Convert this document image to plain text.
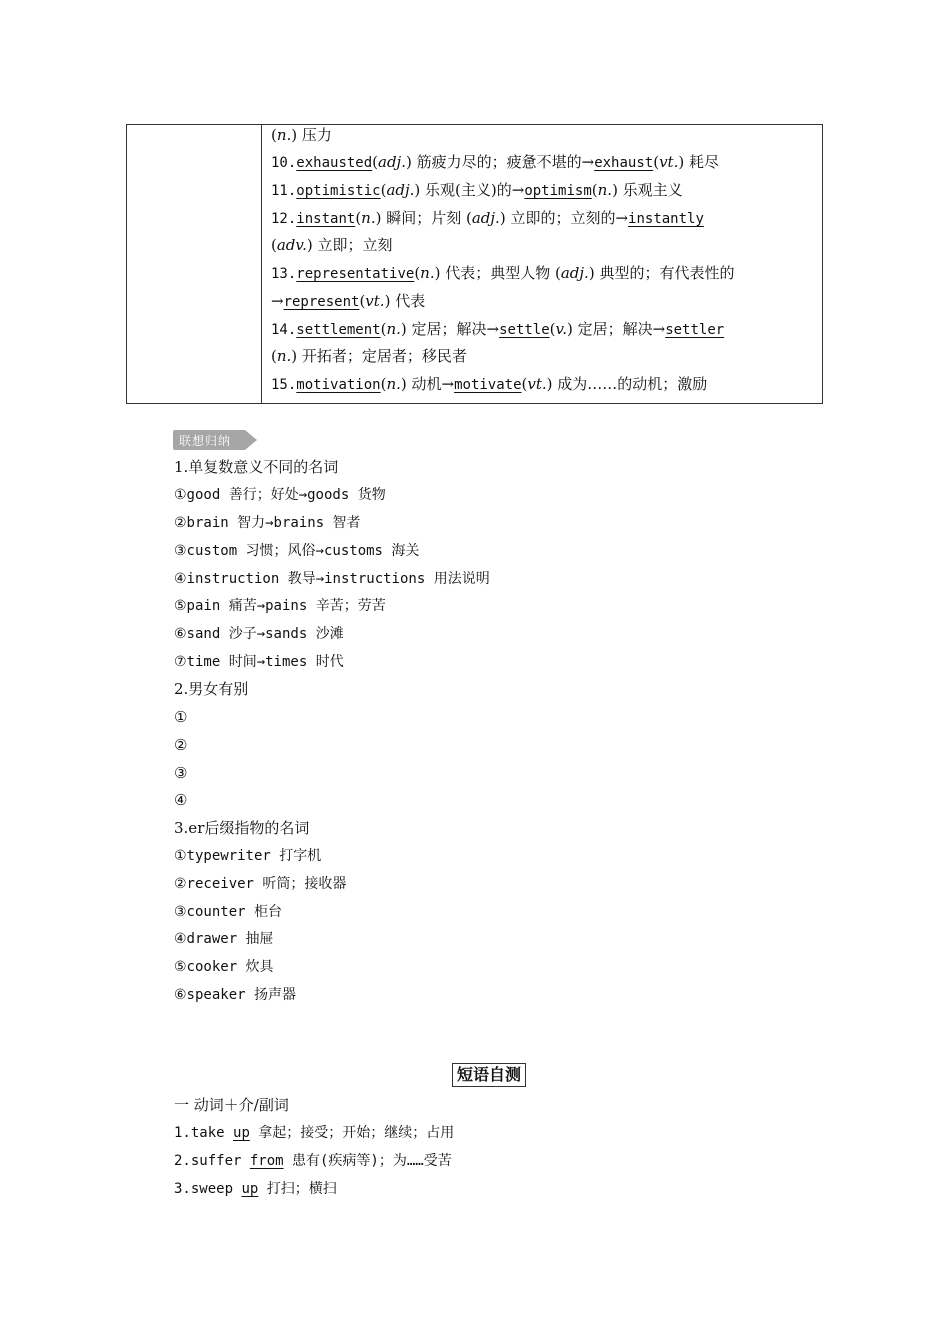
(n.) 压力
10.exhausted(adj.) 筋疲力尽的；疲惫不堪的→exhaust(vt.) 耗尽
11.optimistic(adj.) 乐观(主义)的→optimism(n.) 乐观主义
12.instant(n.) 瞬间；片刻 (adj.) 立即的；立刻的→instantly
(adv.) 立即；立刻
13.representative(n.) 代表；典型人物 (adj.) 典型的；有代表性的
→represent(vt.) 代表
14.settlement(n.) 定居；解决→settle(v.) 定居；解决→settler
(n.) 开拓者；定居者；移民者
15.motivation(n.) 动机→motivate(vt.) 成为……的动机；激励
联想归纳
1.单复数意义不同的名词
①good 善行；好处→goods 货物
②brain 智力→brains 智者
③custom 习惯；风俗→customs 海关
④instruction 教导→instructions 用法说明
⑤pain 痛苦→pains 辛苦；劳苦
⑥sand 沙子→sands 沙滩
⑦time 时间→times 时代
2.男女有别
①
②
③
④
3.er后缀指物的名词
①typewriter 打字机
②receiver 听筒；接收器
③counter 柜台
④drawer 抽屉
⑤cooker 炊具
⑥speaker 扬声器
短语自测
一 动词＋介/副词
1.take up 拿起；接受；开始；继续；占用
2.suffer from 患有(疾病等)；为……受苦
3.sweep up 打扫；横扫
